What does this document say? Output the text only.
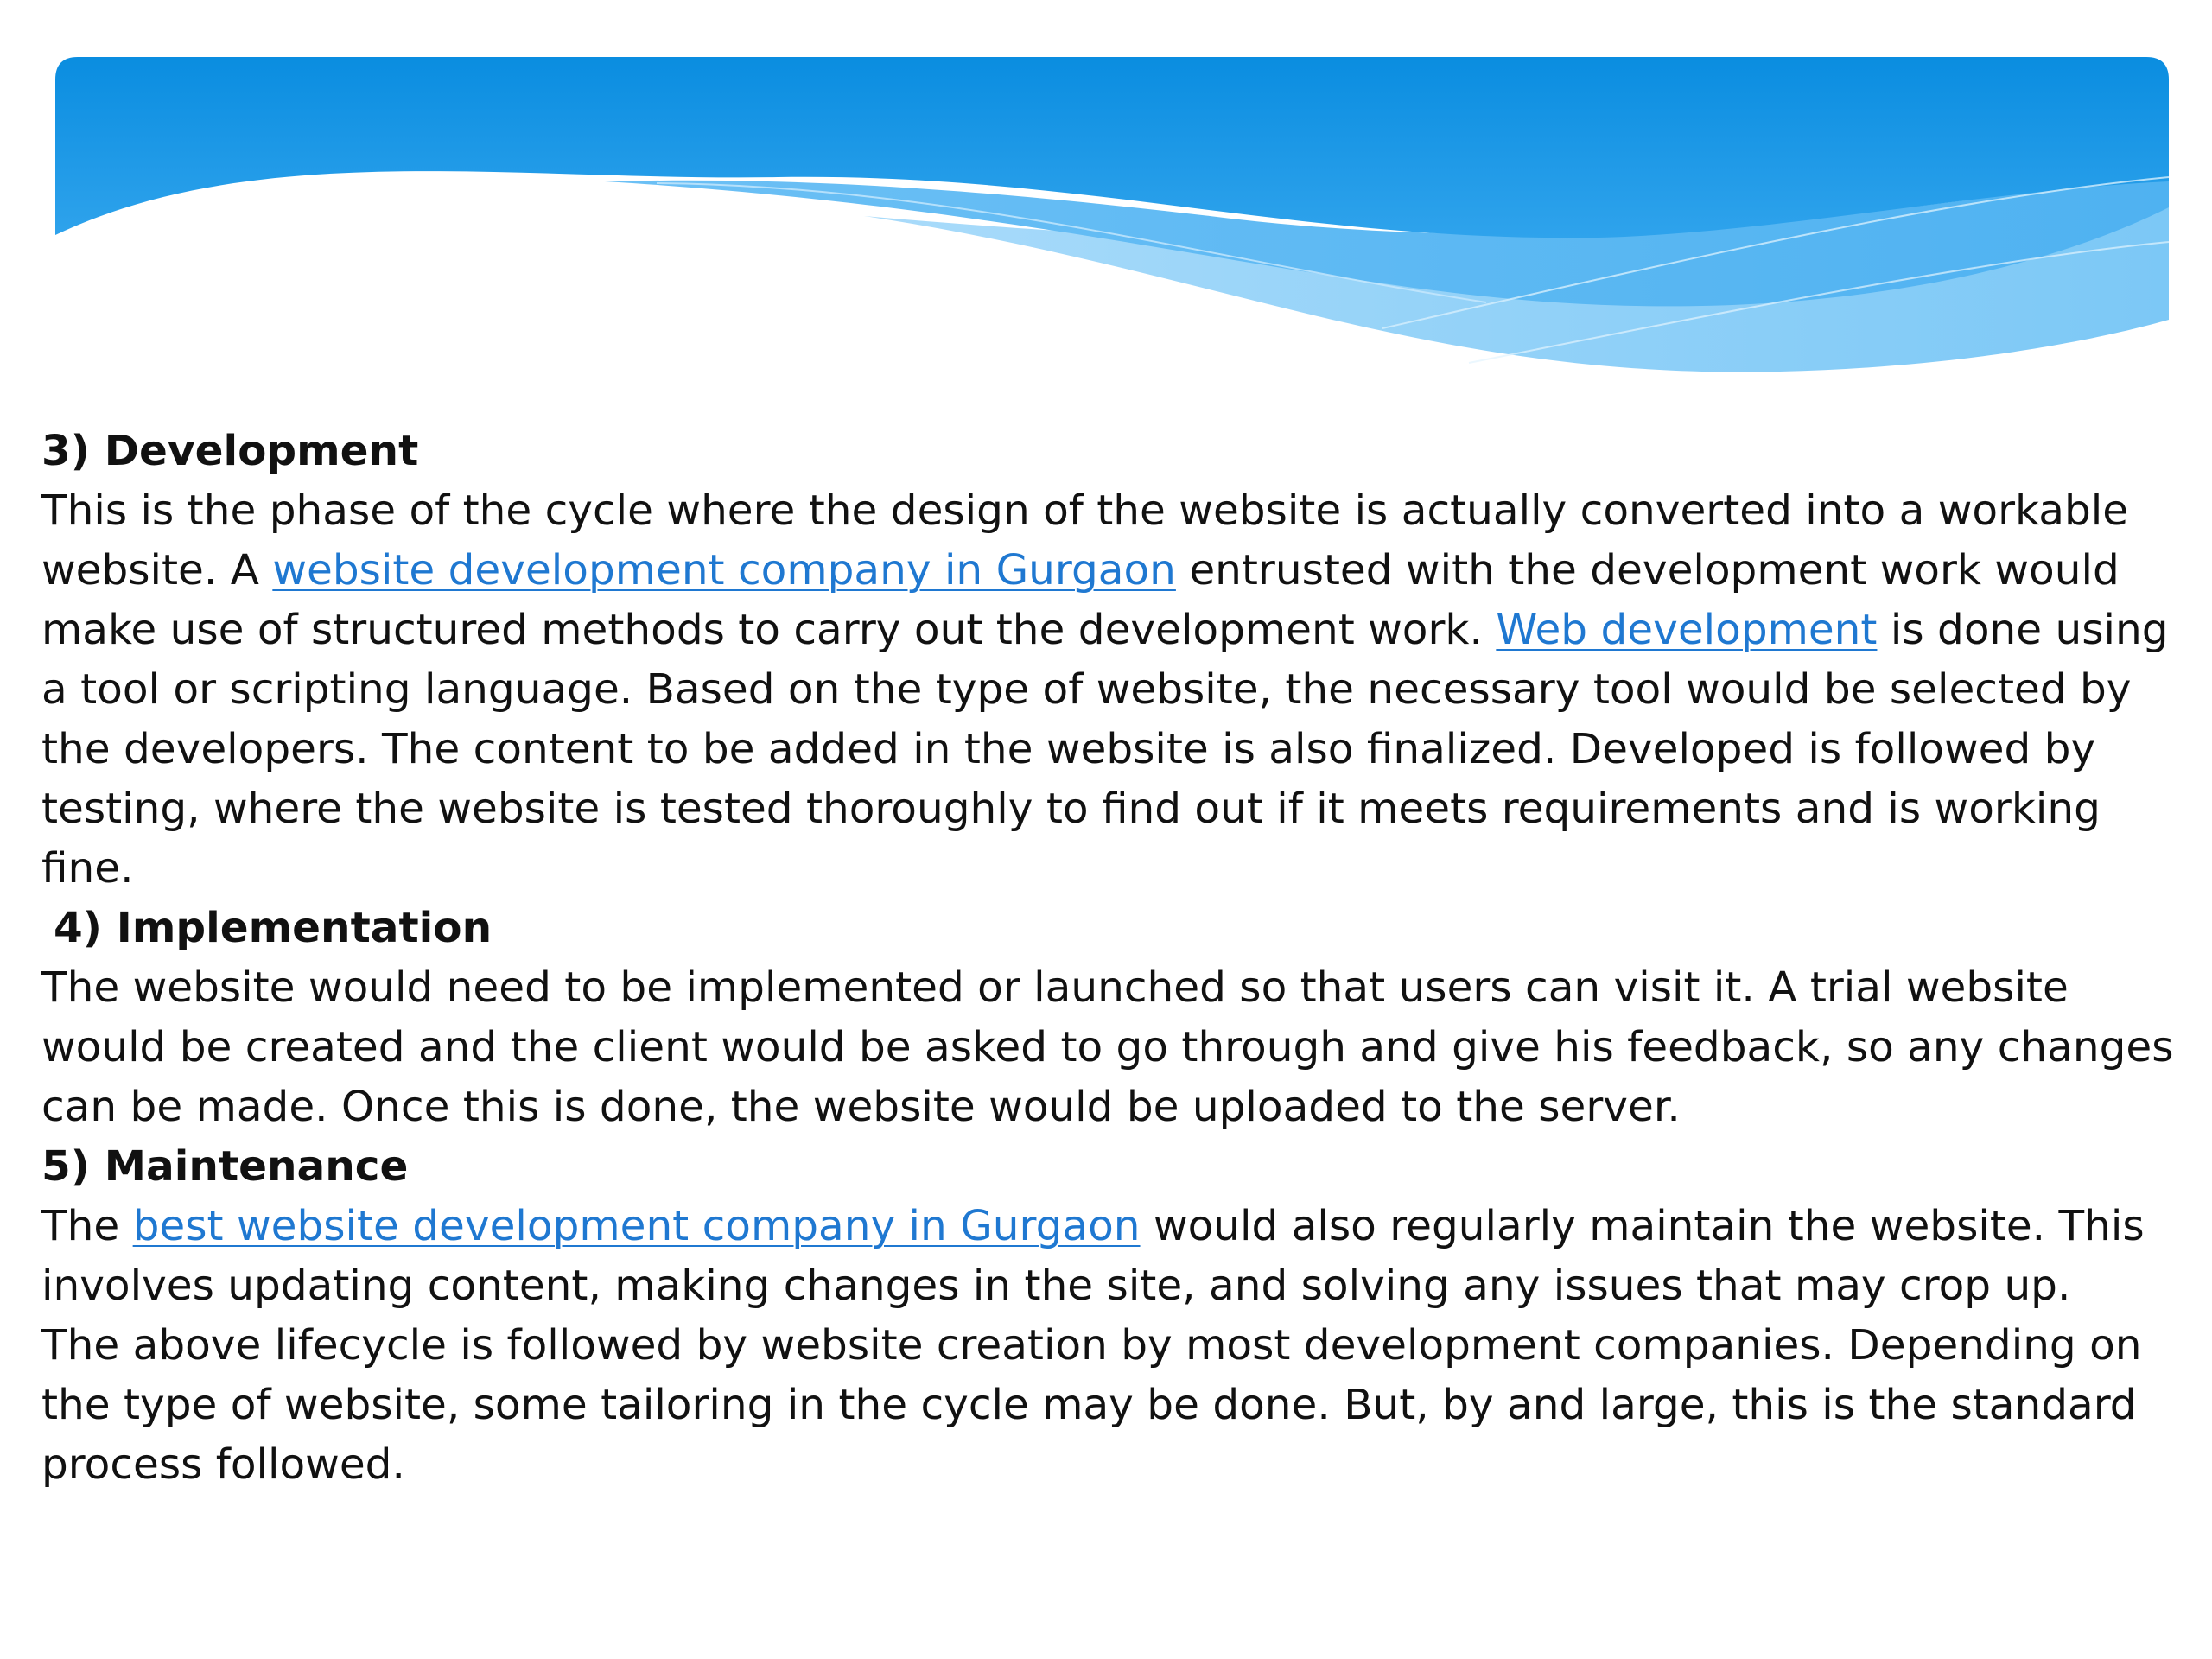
3) Development

This is the phase of the cycle where the design of the website is actually converted into a workable

website. A website development company in Gurgaon entrusted with the development work would

make use of structured methods to carry out the development work. Web development is done using

a tool or scripting language. Based on the type of website, the necessary tool would be selected by

the developers. The content to be added in the website is also finalized. Developed is followed by

testing, where the website is tested thoroughly to find out if it meets requirements and is working

fine.

4) Implementation

The website would need to be implemented or launched so that users can visit it. A trial website

would be created and the client would be asked to go through and give his feedback, so any changes

can be made. Once this is done, the website would be uploaded to the server.

5) Maintenance

The best website development company in Gurgaon would also regularly maintain the website. This

involves updating content, making changes in the site, and solving any issues that may crop up.

The above lifecycle is followed by website creation by most development companies. Depending on

the type of website, some tailoring in the cycle may be done. But, by and large, this is the standard

process followed.
